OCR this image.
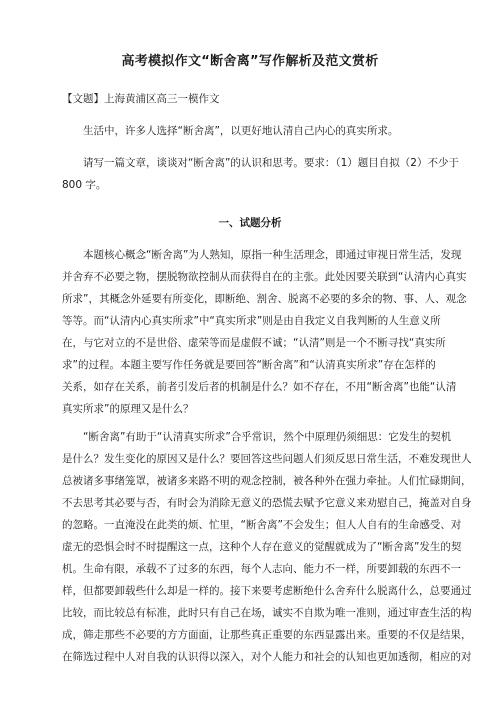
高考模拟作文“断舍离”写作解析及范文赏析
【文题】上海黄浦区高三一模作文

生活中，许多人选择“断舍离”，以更好地认清自己内心的真实所求。

请写一篇文章，谈谈对“断舍离”的认识和思考。要求：（1）题目自拟（2）不少于
800 字。

一、试题分析

本题核心概念“断舍离”为人熟知，原指一种生活理念，即通过审视日常生活，发现
并舍弃不必要之物，摆脱物欲控制从而获得自在的主张。此处因要关联到“认清内心真实
所求”，其概念外延要有所变化，即断绝、割舍、脱离不必要的多余的物、事、人、观念
等等。而“认清内心真实所求”中“真实所求”则是由自我定义自我判断的人生意义所
在，与它对立的不是世俗、虚荣等而是虚假不诚；“认清”则是一个不断寻找“真实所
求”的过程。本题主要写作任务就是要回答“断舍离”和“认清真实所求”存在怎样的
关系，如存在关系，前者引发后者的机制是什么？如不存在，不用“断舍离”也能“认清
真实所求”的原理又是什么？

“断舍离”有助于“认清真实所求”合乎常识，然个中原理仍须细思：它发生的契机
是什么？发生变化的原因又是什么？要回答这些问题人们须反思日常生活，不难发现世人
总被诸多事绪笼罩，被诸多来路不明的观念控制，被各种外在强力牵扯。人们忙碌期间，
不去思考其必要与否，有时会为消除无意义的恐慌去赋予它意义来劝慰自己，掩盖对自身
的忽略。一直淹没在此类的烦、忙里，“断舍离”不会发生；但人人自有的生命感受、对
虚无的恐惧会时不时提醒这一点，这种个人存在意义的觉醒就成为了“断舍离”发生的契
机。生命有限，承载不了过多的东西，每个人志向、能力不一样，所要卸载的东西不一
样，但都要卸载些什么却是一样的。接下来要考虑断绝什么舍弃什么脱离什么，总要通过
比较，而比较总有标准，此时只有自己在场，诚实不自欺为唯一准则，通过审查生活的构
成，筛走那些不必要的方方面面，让那些真正重要的东西显露出来。重要的不仅是结果，
在筛选过程中人对自我的认识得以深入，对个人能力和社会的认知也更加透彻，相应的对
